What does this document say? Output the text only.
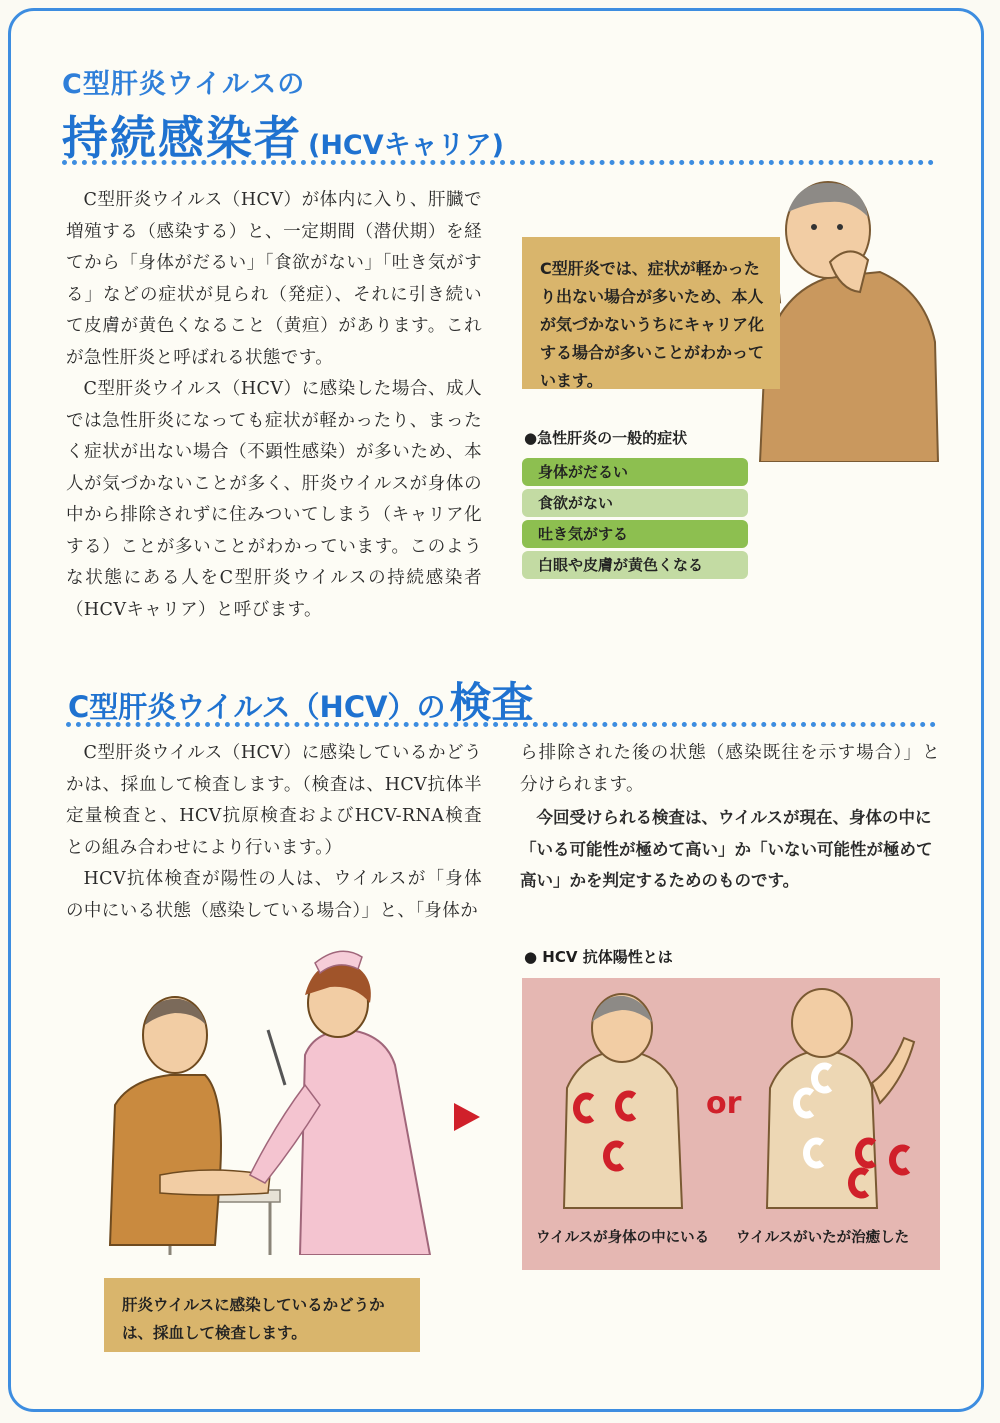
C型肝炎ウイルスの
持続感染者 (HCVキャリア)

C型肝炎ウイルス（HCV）が体内に入り、肝臓で増殖する（感染する）と、一定期間（潜伏期）を経てから「身体がだるい」「食欲がない」「吐き気がする」などの症状が見られ（発症）、それに引き続いて皮膚が黄色くなること（黄疸）があります。これが急性肝炎と呼ばれる状態です。

C型肝炎ウイルス（HCV）に感染した場合、成人では急性肝炎になっても症状が軽かったり、まったく症状が出ない場合（不顕性感染）が多いため、本人が気づかないことが多く、肝炎ウイルスが身体の中から排除されずに住みついてしまう（キャリア化する）ことが多いことがわかっています。このような状態にある人をC型肝炎ウイルスの持続感染者（HCVキャリア）と呼びます。

C型肝炎では、症状が軽かったり出ない場合が多いため、本人が気づかないうちにキャリア化する場合が多いことがわかっています。
●急性肝炎の一般的症状
身体がだるい
食欲がない
吐き気がする
白眼や皮膚が黄色くなる
C型肝炎ウイルス（HCV）の検査

C型肝炎ウイルス（HCV）に感染しているかどうかは、採血して検査します。（検査は、HCV抗体半定量検査と、HCV抗原検査およびHCV-RNA検査との組み合わせにより行います。）

HCV抗体検査が陽性の人は、ウイルスが「身体の中にいる状態（感染している場合）」と、「身体か

ら排除された後の状態（感染既往を示す場合）」と分けられます。

今回受けられる検査は、ウイルスが現在、身体の中に「いる可能性が極めて高い」か「いない可能性が極めて高い」かを判定するためのものです。
● HCV 抗体陽性とは
or
ウイルスが身体の中にいる ウイルスがいたが治癒した
肝炎ウイルスに感染しているかどうかは、採血して検査します。
